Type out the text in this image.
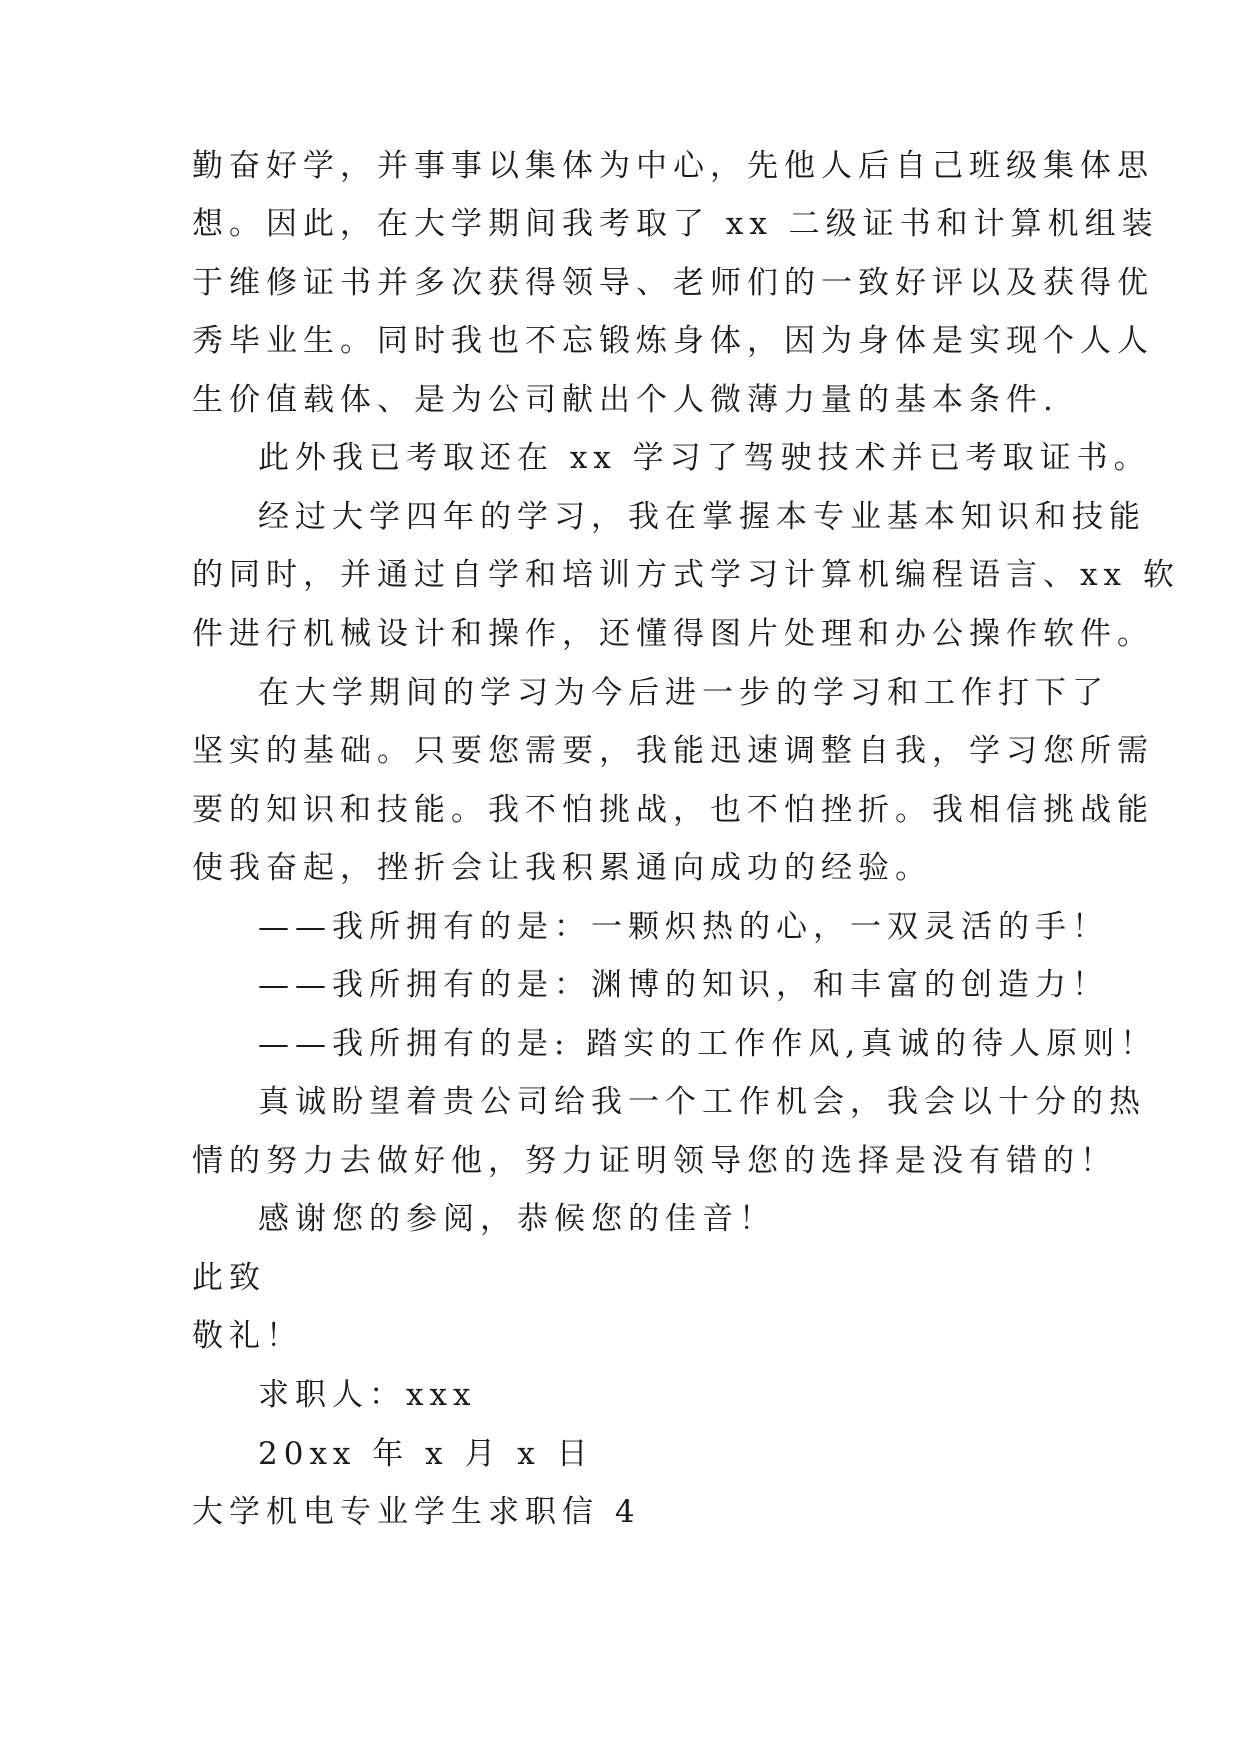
勤奋好学，并事事以集体为中心，先他人后自己班级集体思
想。因此，在大学期间我考取了 xx 二级证书和计算机组装
于维修证书并多次获得领导、老师们的一致好评以及获得优
秀毕业生。同时我也不忘锻炼身体，因为身体是实现个人人
生价值载体、是为公司献出个人微薄力量的基本条件.
此外我已考取还在 xx 学习了驾驶技术并已考取证书。
经过大学四年的学习，我在掌握本专业基本知识和技能
的同时，并通过自学和培训方式学习计算机编程语言、xx 软
件进行机械设计和操作，还懂得图片处理和办公操作软件。
在大学期间的学习为今后进一步的学习和工作打下了
坚实的基础。只要您需要，我能迅速调整自我，学习您所需
要的知识和技能。我不怕挑战，也不怕挫折。我相信挑战能
使我奋起，挫折会让我积累通向成功的经验。
——我所拥有的是：一颗炽热的心，一双灵活的手！
——我所拥有的是：渊博的知识，和丰富的创造力！
——我所拥有的是: 踏实的工作作风,真诚的待人原则！
真诚盼望着贵公司给我一个工作机会，我会以十分的热
情的努力去做好他，努力证明领导您的选择是没有错的！
感谢您的参阅，恭候您的佳音！
此致
敬礼！
求职人：xxx
20xx 年 x 月 x 日
大学机电专业学生求职信 4
